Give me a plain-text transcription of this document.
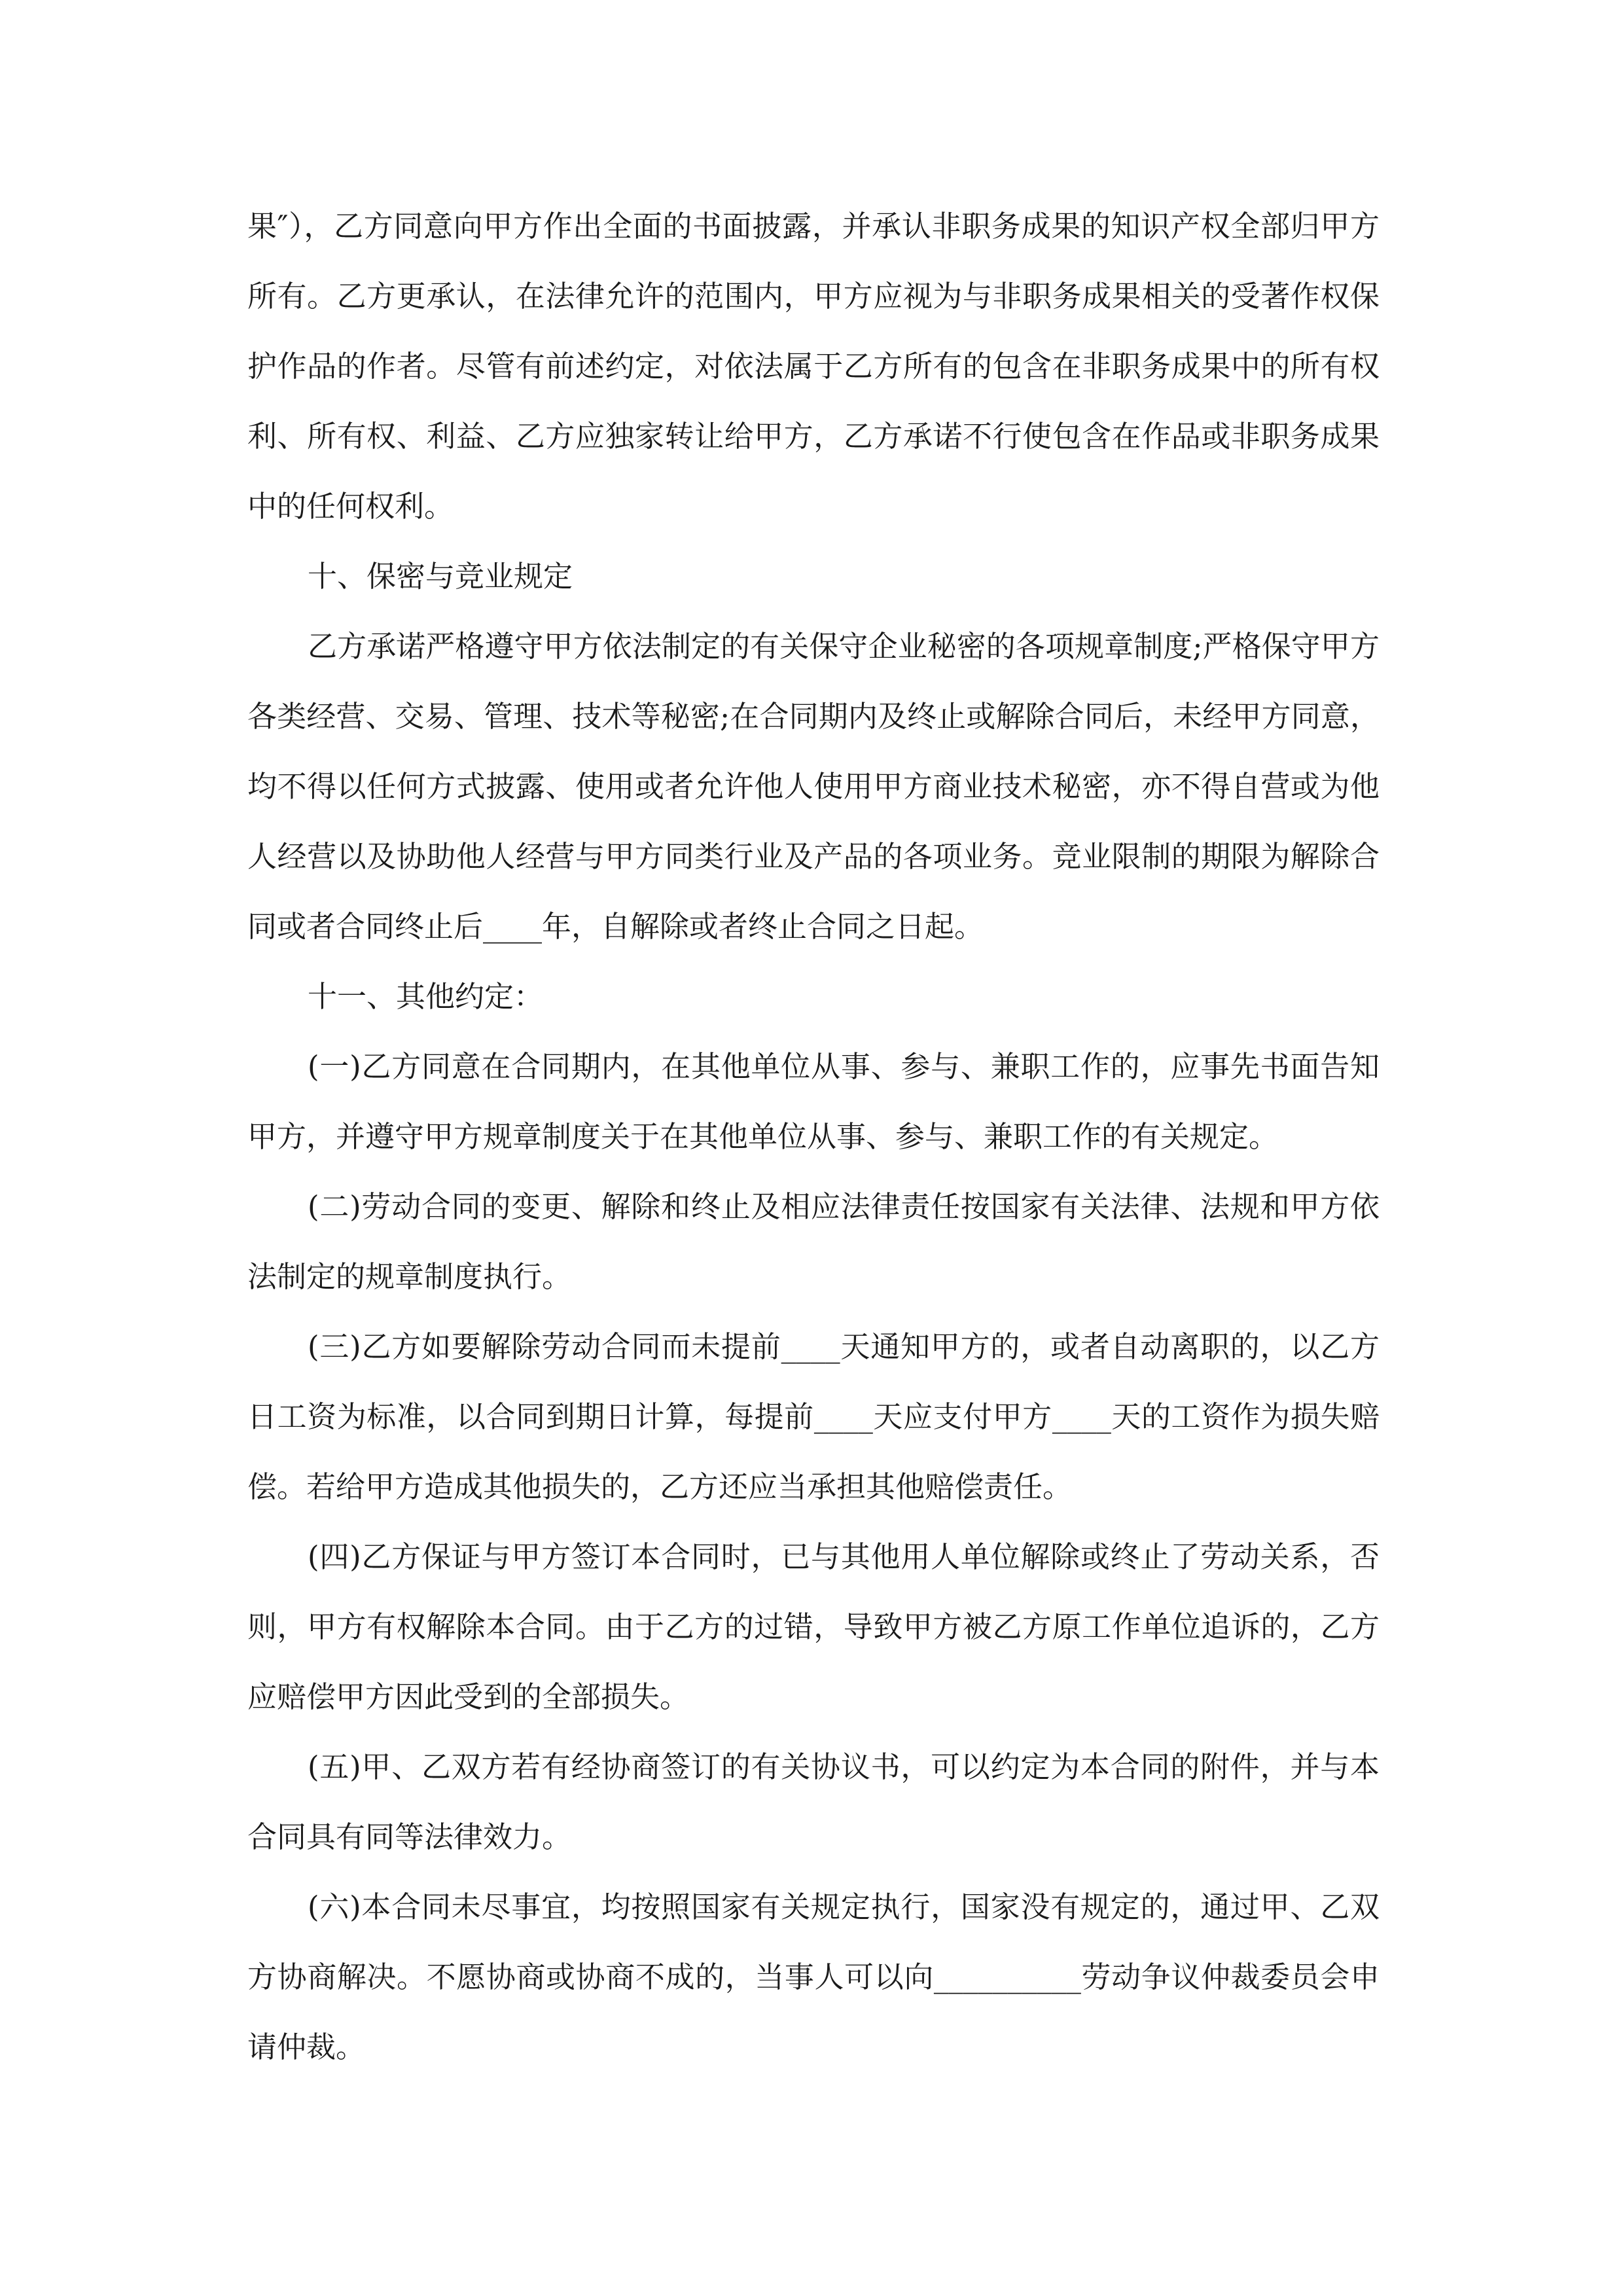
果″），乙方同意向甲方作出全面的书面披露，并承认非职务成果的知识产权全部归甲方所有。乙方更承认，在法律允许的范围内，甲方应视为与非职务成果相关的受著作权保护作品的作者。尽管有前述约定，对依法属于乙方所有的包含在非职务成果中的所有权利、所有权、利益、乙方应独家转让给甲方，乙方承诺不行使包含在作品或非职务成果中的任何权利。

十、保密与竞业规定

乙方承诺严格遵守甲方依法制定的有关保守企业秘密的各项规章制度;严格保守甲方各类经营、交易、管理、技术等秘密;在合同期内及终止或解除合同后，未经甲方同意，均不得以任何方式披露、使用或者允许他人使用甲方商业技术秘密，亦不得自营或为他人经营以及协助他人经营与甲方同类行业及产品的各项业务。竞业限制的期限为解除合同或者合同终止后____年，自解除或者终止合同之日起。

十一、其他约定：

(一)乙方同意在合同期内，在其他单位从事、参与、兼职工作的，应事先书面告知甲方，并遵守甲方规章制度关于在其他单位从事、参与、兼职工作的有关规定。

(二)劳动合同的变更、解除和终止及相应法律责任按国家有关法律、法规和甲方依法制定的规章制度执行。

(三)乙方如要解除劳动合同而未提前____天通知甲方的，或者自动离职的，以乙方日工资为标准，以合同到期日计算，每提前____天应支付甲方____天的工资作为损失赔偿。若给甲方造成其他损失的，乙方还应当承担其他赔偿责任。

(四)乙方保证与甲方签订本合同时，已与其他用人单位解除或终止了劳动关系，否则，甲方有权解除本合同。由于乙方的过错，导致甲方被乙方原工作单位追诉的，乙方应赔偿甲方因此受到的全部损失。

(五)甲、乙双方若有经协商签订的有关协议书，可以约定为本合同的附件，并与本合同具有同等法律效力。

(六)本合同未尽事宜，均按照国家有关规定执行，国家没有规定的，通过甲、乙双方协商解决。不愿协商或协商不成的，当事人可以向__________劳动争议仲裁委员会申请仲裁。
